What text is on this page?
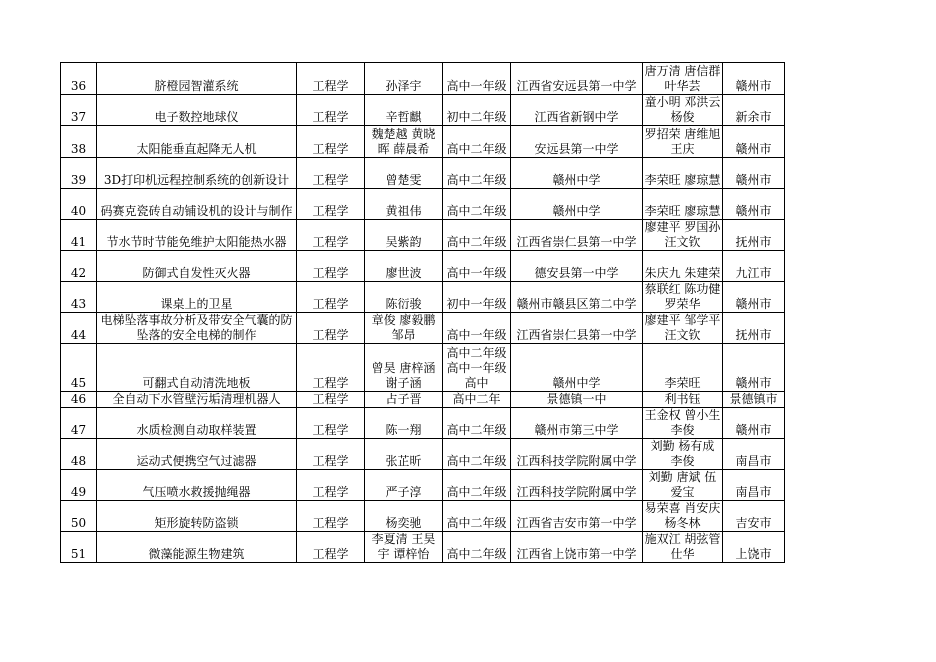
36	脐橙园智灌系统	工程学	孙泽宇	高中一年级	江西省安远县第一中学	唐万清 唐信群 叶华芸	赣州市

37	电子数控地球仪	工程学	辛哲麒	初中二年级	江西省新钢中学	童小明 邓洪云 杨俊	新余市

38	太阳能垂直起降无人机	工程学	魏楚越 黄晓晖 薛晨希	高中二年级	安远县第一中学	罗招荣 唐维旭 王庆	赣州市

39	3D打印机远程控制系统的创新设计	工程学	曾楚雯	高中二年级	赣州中学	李荣旺 廖琼慧	赣州市

40	码赛克瓷砖自动铺设机的设计与制作	工程学	黄祖伟	高中二年级	赣州中学	李荣旺 廖琼慧	赣州市

41	节水节时节能免维护太阳能热水器	工程学	吴紫韵	高中二年级	江西省崇仁县第一中学	廖建平 罗国孙 汪文钦	抚州市

42	防御式自发性灭火器	工程学	廖世波	高中一年级	德安县第一中学	朱庆九 朱建荣	九江市

43	课桌上的卫星	工程学	陈衍骏	初中一年级	赣州市赣县区第二中学	蔡联红 陈功健 罗荣华	赣州市

44	电梯坠落事故分析及带安全气囊的防坠落的安全电梯的制作	工程学	章俊 廖毅鹏 邹昂	高中一年级	江西省崇仁县第一中学	廖建平 邹学平 汪文钦	抚州市

45	可翻式自动清洗地板	工程学	曾昊 唐梓涵 谢子涵	高中二年级 高中一年级 高中	赣州中学	李荣旺	赣州市

46	全自动下水管壁污垢清理机器人	工程学	占子晋	高中二年	景德镇一中	利书钰	景德镇市

47	水质检测自动取样装置	工程学	陈一翔	高中二年级	赣州市第三中学	王金权 曾小生 李俊	赣州市

48	运动式便携空气过滤器	工程学	张芷昕	高中二年级	江西科技学院附属中学	刘勤 杨有成 李俊	南昌市

49	气压喷水救援抛绳器	工程学	严子淳	高中二年级	江西科技学院附属中学	刘勤 唐斌 伍爱宝	南昌市

50	矩形旋转防盗锁	工程学	杨奕驰	高中二年级	江西省吉安市第一中学	易荣喜 肖安庆 杨冬林	吉安市

51	微藻能源生物建筑	工程学	李夏清 王昊宇 谭梓怡	高中二年级	江西省上饶市第一中学	施双江 胡弦管仕华	上饶市
